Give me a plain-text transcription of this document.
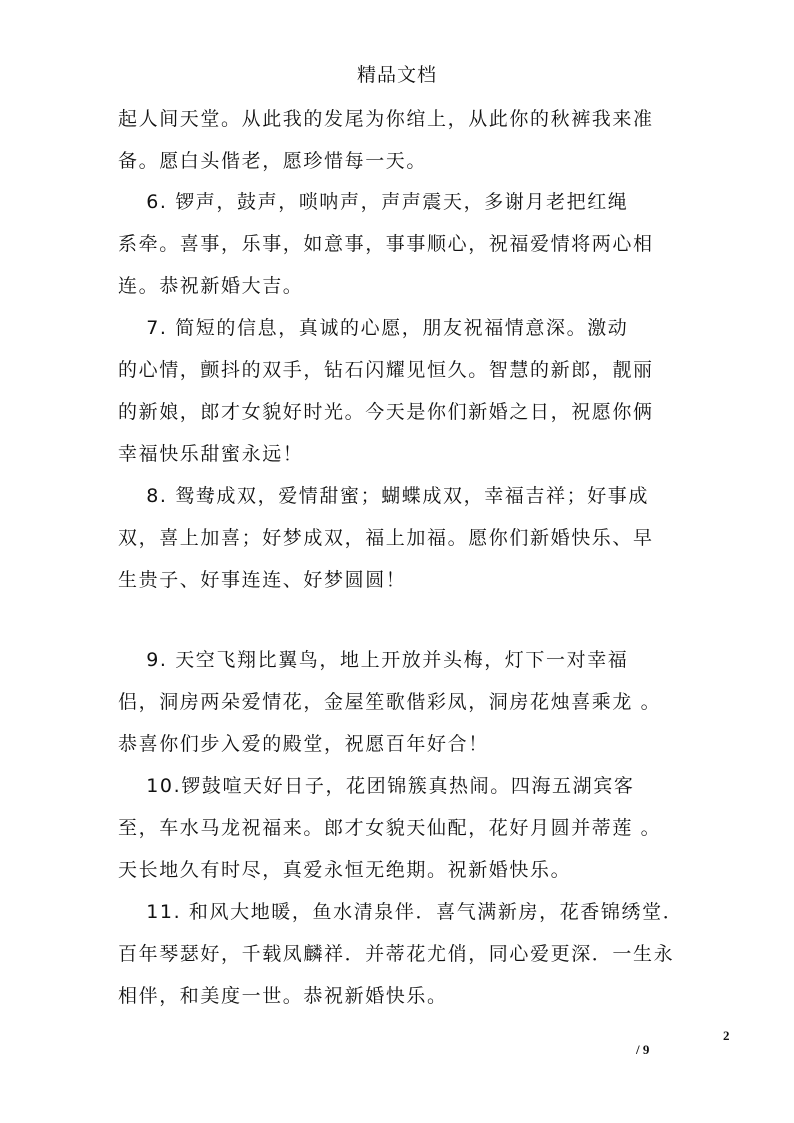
精品文档
起人间天堂。从此我的发尾为你绾上，从此你的秋裤我来准
备。愿白头偕老，愿珍惜每一天。
　 6. 锣声，鼓声，唢呐声，声声震天，多谢月老把红绳
系牵。喜事，乐事，如意事，事事顺心，祝福爱情将两心相
连。恭祝新婚大吉。
　 7. 简短的信息，真诚的心愿，朋友祝福情意深。激动
的心情，颤抖的双手，钻石闪耀见恒久。智慧的新郎，靓丽
的新娘，郎才女貌好时光。今天是你们新婚之日，祝愿你俩
幸福快乐甜蜜永远！
　 8. 鸳鸯成双，爱情甜蜜；蝴蝶成双，幸福吉祥；好事成
双，喜上加喜；好梦成双，福上加福。愿你们新婚快乐、早
生贵子、好事连连、好梦圆圆！
　 9. 天空飞翔比翼鸟，地上开放并头梅，灯下一对幸福
侣，洞房两朵爱情花，金屋笙歌偕彩凤，洞房花烛喜乘龙 。
恭喜你们步入爱的殿堂，祝愿百年好合！
　 10.锣鼓喧天好日子，花团锦簇真热闹。四海五湖宾客
至，车水马龙祝福来。郎才女貌天仙配，花好月圆并蒂莲 。
天长地久有时尽，真爱永恒无绝期。祝新婚快乐。
　 11. 和风大地暖，鱼水清泉伴．喜气满新房，花香锦绣堂．
百年琴瑟好，千载凤麟祥．并蒂花尤俏，同心爱更深．一生永
相伴，和美度一世。恭祝新婚快乐。
2
/ 9
